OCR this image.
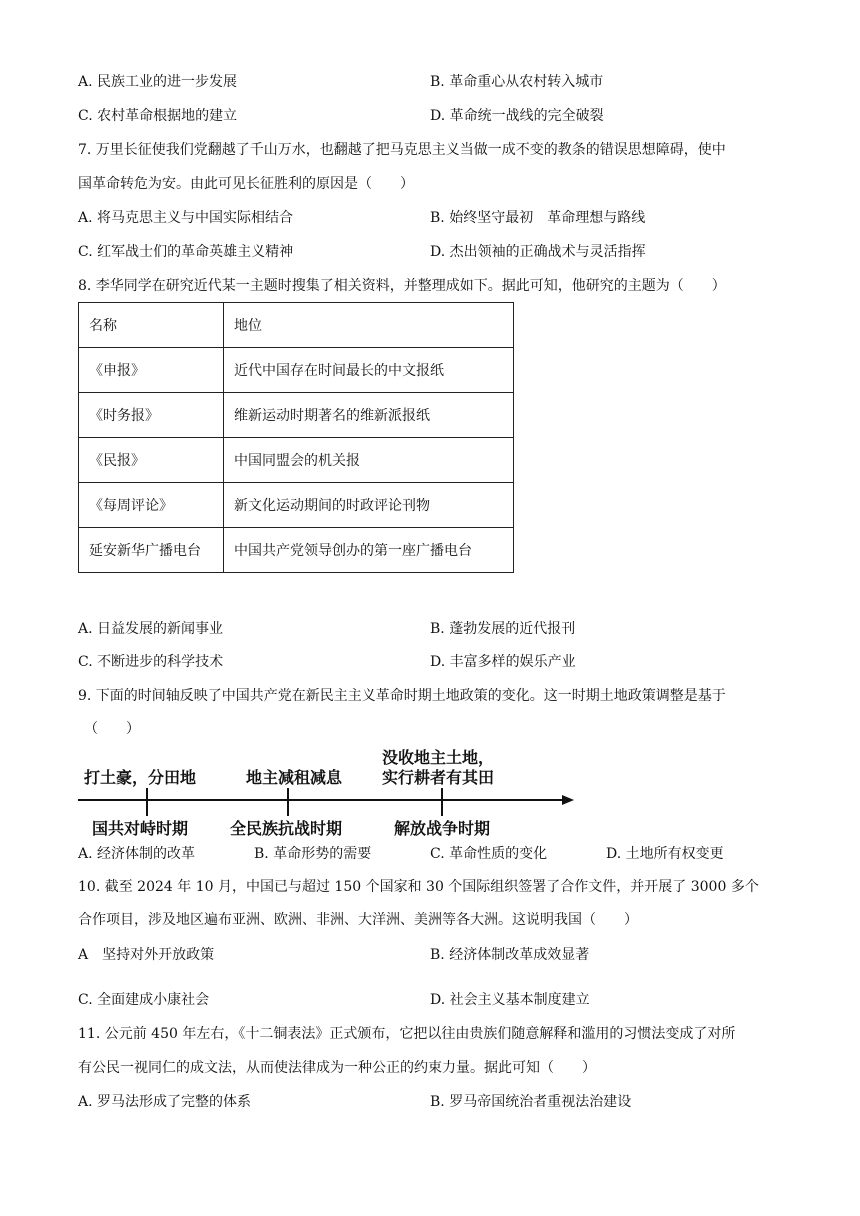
A. 民族工业的进一步发展	B. 革命重心从农村转入城市
C. 农村革命根据地的建立	D. 革命统一战线的完全破裂
7. 万里长征使我们党翻越了千山万水，也翻越了把马克思主义当做一成不变的教条的错误思想障碍，使中
国革命转危为安。由此可见长征胜利的原因是（　　）
A. 将马克思主义与中国实际相结合	B. 始终坚守最初　革命理想与路线
C. 红军战士们的革命英雄主义精神	D. 杰出领袖的正确战术与灵活指挥
8. 李华同学在研究近代某一主题时搜集了相关资料，并整理成如下。据此可知，他研究的主题为（　　）
名称	地位
《申报》	近代中国存在时间最长的中文报纸
《时务报》	维新运动时期著名的维新派报纸
《民报》	中国同盟会的机关报
《每周评论》	新文化运动期间的时政评论刊物
延安新华广播电台	中国共产党领导创办的第一座广播电台
A. 日益发展的新闻事业	B. 蓬勃发展的近代报刊
C. 不断进步的科学技术	D. 丰富多样的娱乐产业
9. 下面的时间轴反映了中国共产党在新民主主义革命时期土地政策的变化。这一时期土地政策调整是基于
（　　）
打土豪，分田地	地主减租减息
没收地主土地，
实行耕者有其田
国共对峙时期	全民族抗战时期	解放战争时期
A. 经济体制的改革	B. 革命形势的需要	C. 革命性质的变化	D. 土地所有权变更
10. 截至 2024 年 10 月，中国已与超过 150 个国家和 30 个国际组织签署了合作文件，并开展了 3000 多个
合作项目，涉及地区遍布亚洲、欧洲、非洲、大洋洲、美洲等各大洲。这说明我国（　　）
A　坚持对外开放政策	B. 经济体制改革成效显著
C. 全面建成小康社会	D. 社会主义基本制度建立
11. 公元前 450 年左右，《十二铜表法》正式颁布，它把以往由贵族们随意解释和滥用的习惯法变成了对所
有公民一视同仁的成文法，从而使法律成为一种公正的约束力量。据此可知（　　）
A. 罗马法形成了完整的体系	B. 罗马帝国统治者重视法治建设
